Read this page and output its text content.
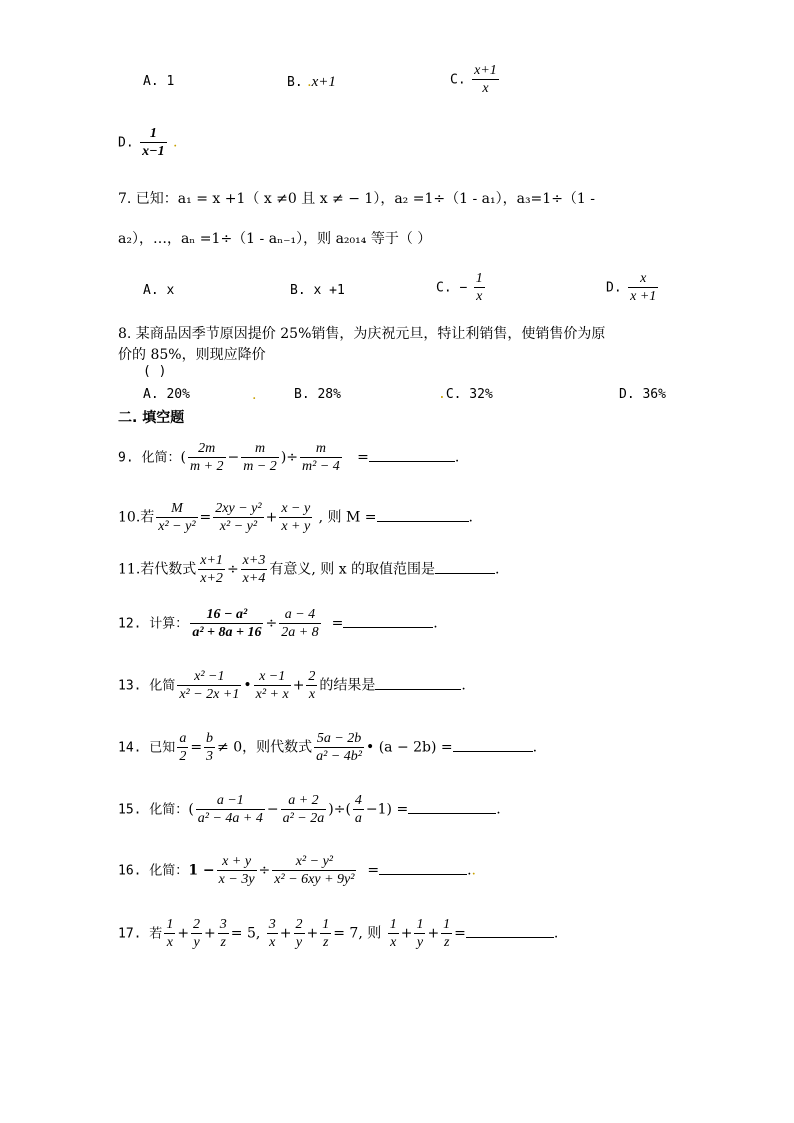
A. 1	B. .x+1	C. $\frac{x+1}{x}$
D. $\frac{1}{x-1}$ .
7. 已知：a₁ = x +1（ x ≠0 且 x ≠ − 1），a₂ =1÷（1 - a₁），a₃=1÷（1 -
a₂），…，aₙ =1÷（1 - aₙ₋₁），则 a₂₀₁₄ 等于（ ）
A. x	B. x +1	C. − $\frac{1}{x}$	D. $\frac{x}{x +1}$
8. 某商品因季节原因提价 25%销售，为庆祝元旦，特让利销售，使销售价为原
价的 85%，则现应降价
( )
A. 20%	.	B. 28%	.C. 32%	D. 36%
二. 填空题
9. 化简：( $\frac{2m}{m + 2} - \frac{m}{m - 2}$ )÷ $\frac{m}{\text{m² − 4}}$ =	.
10.若 $\frac{M}{\text{x² − y²}} = \frac{\text{2xy − y²}}{\text{x² − y²}} + \frac{x - y}{x + y}$ , 则 M =	.
11.若代数式 $\frac{x+1}{x+2} \div \frac{x+3}{x+4}$ 有意义, 则 x 的取值范围是	.
12. 计算： $\frac{\text{16 − a²}}{\text{a² + 8a + 16}} \div \frac{a - 4}{2a + 8}$ =	.
13. 化简 $\frac{\text{x² −1}}{\text{x² − 2x +1}}$ • $\frac{x -1}{\text{x² + x}} + \frac{2}{x}$ 的结果是	.
14. 已知 $\frac{a}{2} = \frac{b}{3} \ne 0$，则代数式 $\frac{5a - 2b}{\text{a² − 4b²}}$ • (a − 2b) =	.
15. 化简：( $\frac{a -1}{\text{a² − 4a + 4}} - \frac{a + 2}{\text{a² − 2a}}$ )÷( $\frac{4}{a} -1$) =	.
16. 化简：$1 - \frac{x + y}{x - 3y} \div \frac{\text{x² − y²}}{\text{x² − 6xy + 9y²}}$ =	..
17. 若 $\frac{1}{x} + \frac{2}{y} + \frac{3}{z} = 5$, $\frac{3}{x} + \frac{2}{y} + \frac{1}{z} = 7$, 则 $\frac{1}{x} + \frac{1}{y} + \frac{1}{z}$ =	.
